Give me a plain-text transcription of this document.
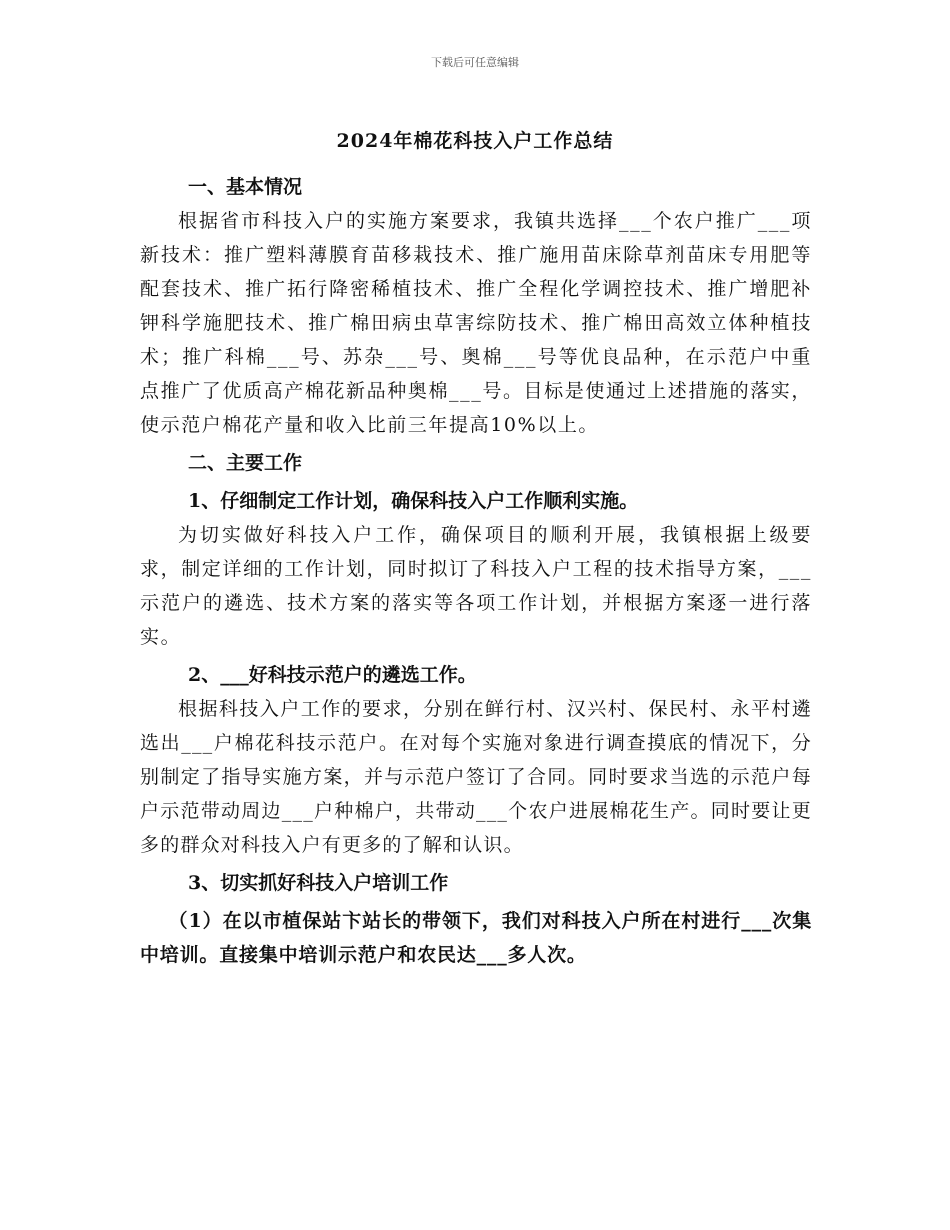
下载后可任意编辑
2024年棉花科技入户工作总结

一、基本情况

根据省市科技入户的实施方案要求，我镇共选择___个农户推广___项新技术：推广塑料薄膜育苗移栽技术、推广施用苗床除草剂苗床专用肥等配套技术、推广拓行降密稀植技术、推广全程化学调控技术、推广增肥补钾科学施肥技术、推广棉田病虫草害综防技术、推广棉田高效立体种植技术；推广科棉___号、苏杂___号、奥棉___号等优良品种，在示范户中重点推广了优质高产棉花新品种奥棉___号。目标是使通过上述措施的落实，使示范户棉花产量和收入比前三年提高10%以上。

二、主要工作

1、仔细制定工作计划，确保科技入户工作顺利实施。

为切实做好科技入户工作，确保项目的顺利开展，我镇根据上级要求，制定详细的工作计划，同时拟订了科技入户工程的技术指导方案，___示范户的遴选、技术方案的落实等各项工作计划，并根据方案逐一进行落实。

2、___好科技示范户的遴选工作。

根据科技入户工作的要求，分别在鲜行村、汉兴村、保民村、永平村遴选出___户棉花科技示范户。在对每个实施对象进行调查摸底的情况下，分别制定了指导实施方案，并与示范户签订了合同。同时要求当选的示范户每户示范带动周边___户种棉户，共带动___个农户进展棉花生产。同时要让更多的群众对科技入户有更多的了解和认识。

3、切实抓好科技入户培训工作

（1）在以市植保站卞站长的带领下，我们对科技入户所在村进行___次集中培训。直接集中培训示范户和农民达___多人次。
